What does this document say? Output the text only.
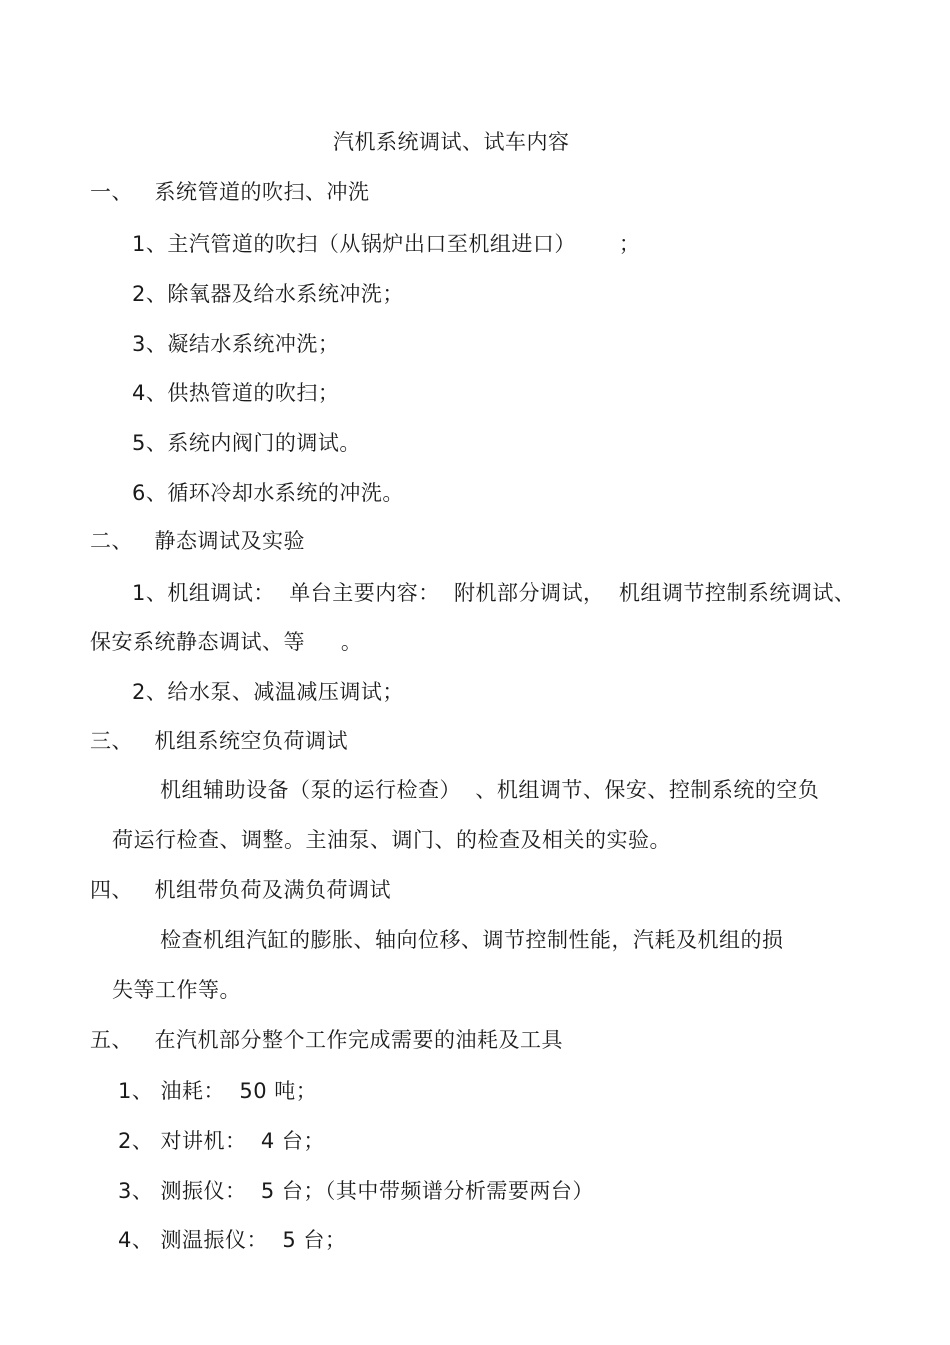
汽机系统调试、试车内容
一、   系统管道的吹扫、冲洗
1、主汽管道的吹扫（从锅炉出口至机组进口）      ；
2、除氧器及给水系统冲洗；
3、凝结水系统冲洗；
4、供热管道的吹扫；
5、系统内阀门的调试。
6、循环冷却水系统的冲洗。
二、   静态调试及实验
1、机组调试：  单台主要内容：  附机部分调试，  机组调节控制系统调试、
保安系统静态调试、等     。
2、给水泵、减温减压调试；
三、   机组系统空负荷调试
机组辅助设备（泵的运行检查）  、机组调节、保安、控制系统的空负
荷运行检查、调整。主油泵、调门、的检查及相关的实验。
四、   机组带负荷及满负荷调试
检查机组汽缸的膨胀、轴向位移、调节控制性能，汽耗及机组的损
失等工作等。
五、   在汽机部分整个工作完成需要的油耗及工具
1、 油耗：  50 吨；
2、 对讲机：  4 台；
3、 测振仪：  5 台；（其中带频谱分析需要两台）
4、 测温振仪：  5 台；
